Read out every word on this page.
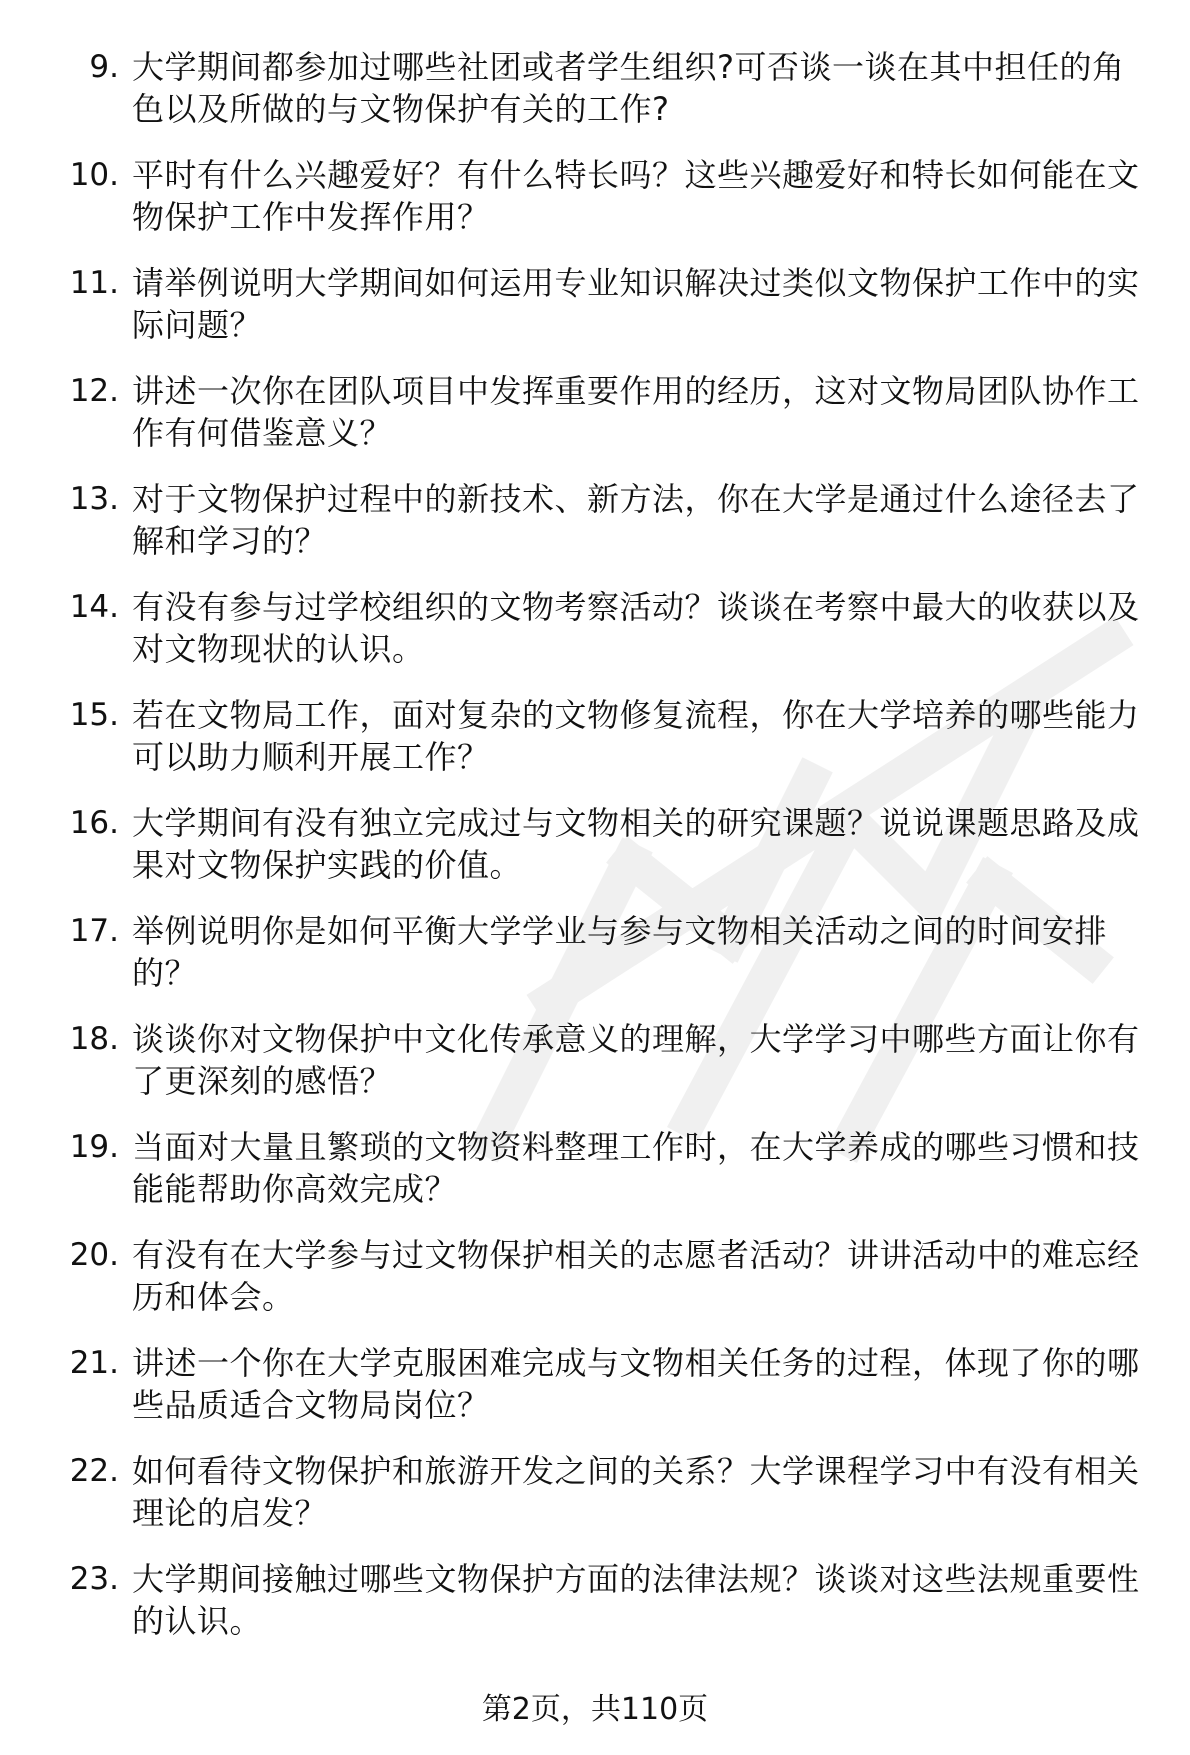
9. 大学期间都参加过哪些社团或者学生组织?可否谈一谈在其中担任的角色以及所做的与文物保护有关的工作?
10. 平时有什么兴趣爱好？有什么特长吗？这些兴趣爱好和特长如何能在文物保护工作中发挥作用？
11. 请举例说明大学期间如何运用专业知识解决过类似文物保护工作中的实际问题？
12. 讲述一次你在团队项目中发挥重要作用的经历，这对文物局团队协作工作有何借鉴意义？
13. 对于文物保护过程中的新技术、新方法，你在大学是通过什么途径去了解和学习的？
14. 有没有参与过学校组织的文物考察活动？谈谈在考察中最大的收获以及对文物现状的认识。
15. 若在文物局工作，面对复杂的文物修复流程，你在大学培养的哪些能力可以助力顺利开展工作？
16. 大学期间有没有独立完成过与文物相关的研究课题？说说课题思路及成果对文物保护实践的价值。
17. 举例说明你是如何平衡大学学业与参与文物相关活动之间的时间安排的？
18. 谈谈你对文物保护中文化传承意义的理解，大学学习中哪些方面让你有了更深刻的感悟？
19. 当面对大量且繁琐的文物资料整理工作时，在大学养成的哪些习惯和技能能帮助你高效完成？
20. 有没有在大学参与过文物保护相关的志愿者活动？讲讲活动中的难忘经历和体会。
21. 讲述一个你在大学克服困难完成与文物相关任务的过程，体现了你的哪些品质适合文物局岗位？
22. 如何看待文物保护和旅游开发之间的关系？大学课程学习中有没有相关理论的启发？
23. 大学期间接触过哪些文物保护方面的法律法规？谈谈对这些法规重要性的认识。
第2页，共110页
